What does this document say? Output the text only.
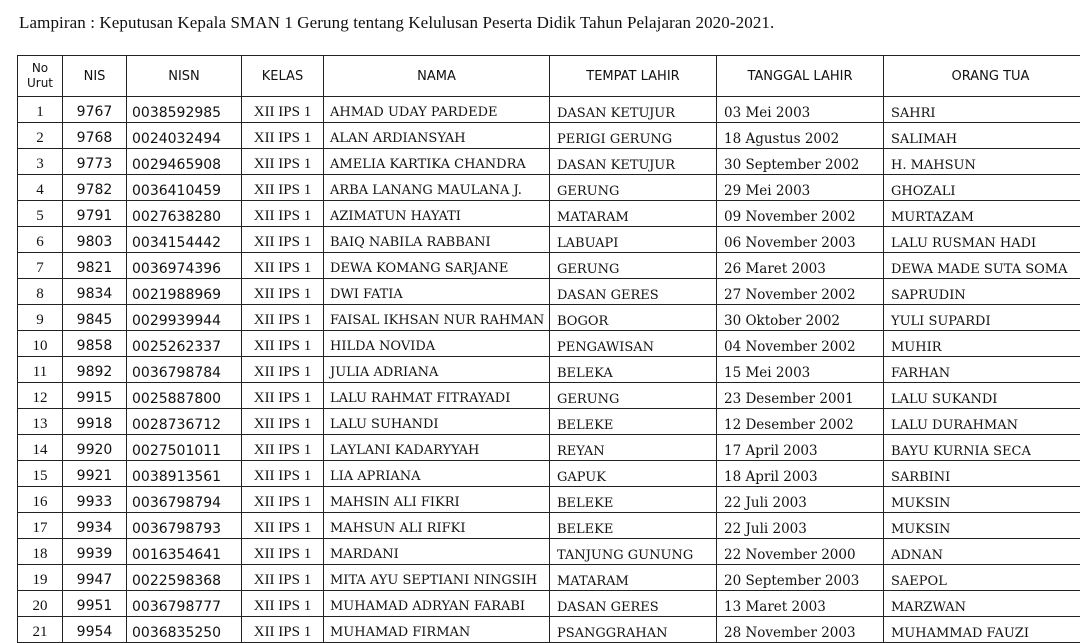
Lampiran : Keputusan Kepala SMAN 1 Gerung tentang Kelulusan Peserta Didik Tahun Pelajaran 2020-2021.
No
Urut	NIS	NISN	KELAS	NAMA	TEMPAT LAHIR	TANGGAL LAHIR	ORANG TUA
1	9767	0038592985	XII IPS 1	AHMAD UDAY PARDEDE	DASAN KETUJUR	03 Mei 2003	SAHRI
2	9768	0024032494	XII IPS 1	ALAN ARDIANSYAH	PERIGI GERUNG	18 Agustus 2002	SALIMAH
3	9773	0029465908	XII IPS 1	AMELIA KARTIKA CHANDRA	DASAN KETUJUR	30 September 2002	H. MAHSUN
4	9782	0036410459	XII IPS 1	ARBA LANANG MAULANA J.	GERUNG	29 Mei 2003	GHOZALI
5	9791	0027638280	XII IPS 1	AZIMATUN HAYATI	MATARAM	09 November 2002	MURTAZAM
6	9803	0034154442	XII IPS 1	BAIQ NABILA RABBANI	LABUAPI	06 November 2003	LALU RUSMAN HADI
7	9821	0036974396	XII IPS 1	DEWA KOMANG SARJANE	GERUNG	26 Maret 2003	DEWA MADE SUTA SOMA
8	9834	0021988969	XII IPS 1	DWI FATIA	DASAN GERES	27 November 2002	SAPRUDIN
9	9845	0029939944	XII IPS 1	FAISAL IKHSAN NUR RAHMAN	BOGOR	30 Oktober 2002	YULI SUPARDI
10	9858	0025262337	XII IPS 1	HILDA NOVIDA	PENGAWISAN	04 November 2002	MUHIR
11	9892	0036798784	XII IPS 1	JULIA ADRIANA	BELEKA	15 Mei 2003	FARHAN
12	9915	0025887800	XII IPS 1	LALU RAHMAT FITRAYADI	GERUNG	23 Desember 2001	LALU SUKANDI
13	9918	0028736712	XII IPS 1	LALU SUHANDI	BELEKE	12 Desember 2002	LALU DURAHMAN
14	9920	0027501011	XII IPS 1	LAYLANI KADARYYAH	REYAN	17 April 2003	BAYU KURNIA SECA
15	9921	0038913561	XII IPS 1	LIA APRIANA	GAPUK	18 April 2003	SARBINI
16	9933	0036798794	XII IPS 1	MAHSIN ALI FIKRI	BELEKE	22 Juli 2003	MUKSIN
17	9934	0036798793	XII IPS 1	MAHSUN ALI RIFKI	BELEKE	22 Juli 2003	MUKSIN
18	9939	0016354641	XII IPS 1	MARDANI	TANJUNG GUNUNG	22 November 2000	ADNAN
19	9947	0022598368	XII IPS 1	MITA AYU SEPTIANI NINGSIH	MATARAM	20 September 2003	SAEPOL
20	9951	0036798777	XII IPS 1	MUHAMAD ADRYAN FARABI	DASAN GERES	13 Maret 2003	MARZWAN
21	9954	0036835250	XII IPS 1	MUHAMAD FIRMAN	PSANGGRAHAN	28 November 2003	MUHAMMAD FAUZI
